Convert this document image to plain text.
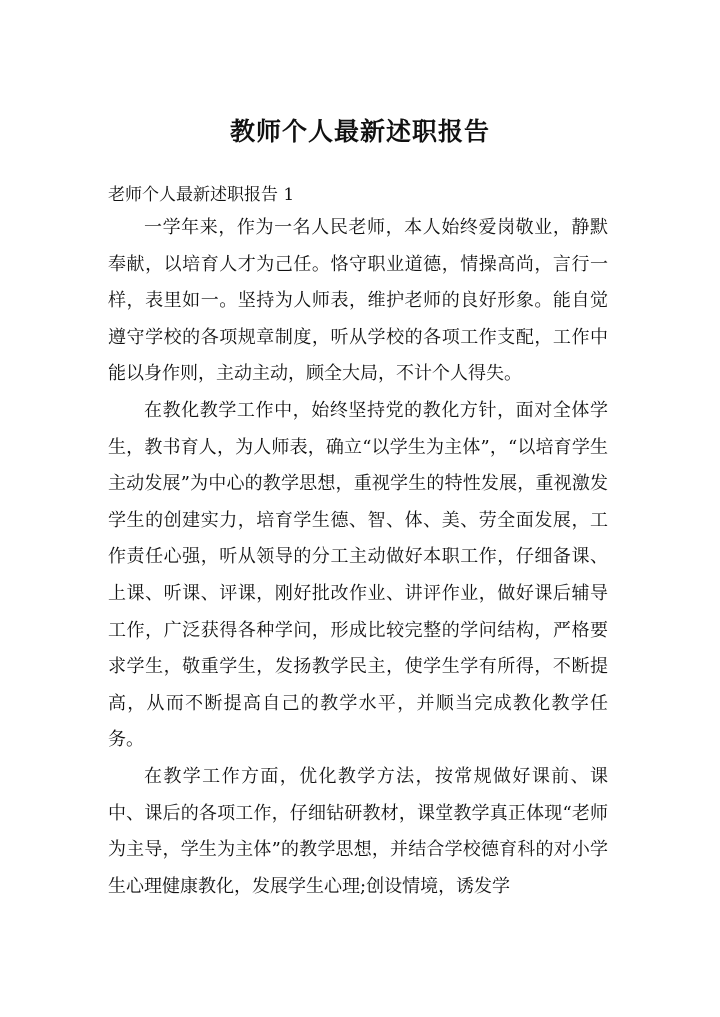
教师个人最新述职报告
老师个人最新述职报告 1

一学年来，作为一名人民老师，本人始终爱岗敬业，静默奉献，以培育人才为己任。恪守职业道德，情操高尚，言行一样，表里如一。坚持为人师表，维护老师的良好形象。能自觉遵守学校的各项规章制度，听从学校的各项工作支配，工作中能以身作则，主动主动，顾全大局，不计个人得失。

在教化教学工作中，始终坚持党的教化方针，面对全体学生，教书育人，为人师表，确立“以学生为主体”，“以培育学生主动发展”为中心的教学思想，重视学生的特性发展，重视激发学生的创建实力，培育学生德、智、体、美、劳全面发展，工作责任心强，听从领导的分工主动做好本职工作，仔细备课、上课、听课、评课，刚好批改作业、讲评作业，做好课后辅导工作，广泛获得各种学问，形成比较完整的学问结构，严格要求学生，敬重学生，发扬教学民主，使学生学有所得，不断提高，从而不断提高自己的教学水平，并顺当完成教化教学任务。

在教学工作方面，优化教学方法，按常规做好课前、课中、课后的各项工作，仔细钻研教材，课堂教学真正体现“老师为主导，学生为主体”的教学思想，并结合学校德育科的对小学生心理健康教化，发展学生心理;创设情境，诱发学
